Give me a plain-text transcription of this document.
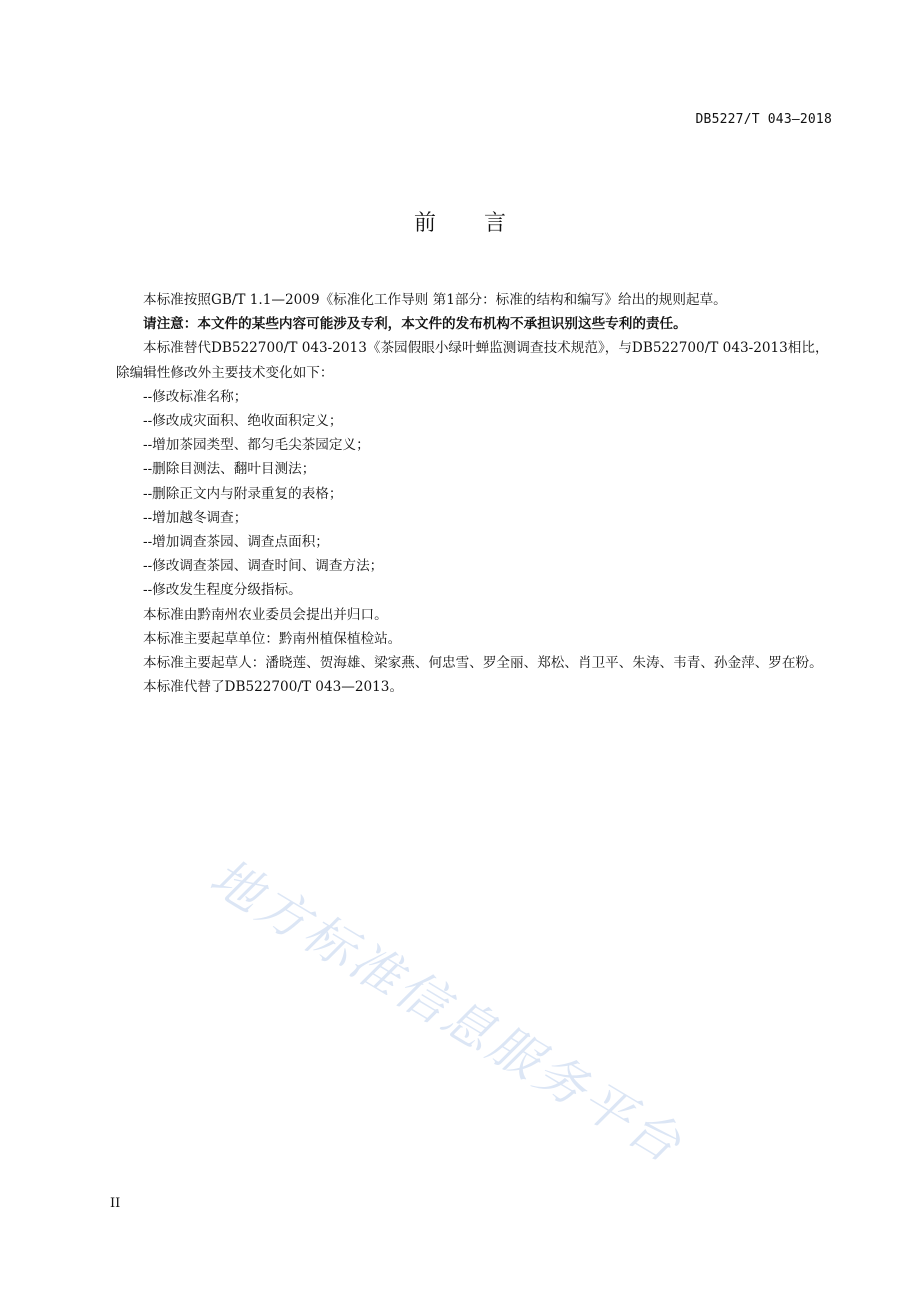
DB5227/T 043—2018
前言

本标准按照GB/T 1.1—2009《标准化工作导则 第1部分：标准的结构和编写》给出的规则起草。

请注意：本文件的某些内容可能涉及专利，本文件的发布机构不承担识别这些专利的责任。

本标准替代DB522700/T 043-2013《茶园假眼小绿叶蝉监测调查技术规范》，与DB522700/T 043-2013相比，除编辑性修改外主要技术变化如下：

--修改标准名称；

--修改成灾面积、绝收面积定义；

--增加茶园类型、都匀毛尖茶园定义；

--删除目测法、翻叶目测法；

--删除正文内与附录重复的表格；

--增加越冬调查；

--增加调查茶园、调查点面积；

--修改调查茶园、调查时间、调查方法；

--修改发生程度分级指标。

本标准由黔南州农业委员会提出并归口。

本标准主要起草单位：黔南州植保植检站。

本标准主要起草人：潘晓莲、贺海雄、梁家燕、何忠雪、罗全丽、郑松、肖卫平、朱涛、韦青、孙金萍、罗在粉。

本标准代替了DB522700/T 043—2013。

地方标准信息服务平台
II
